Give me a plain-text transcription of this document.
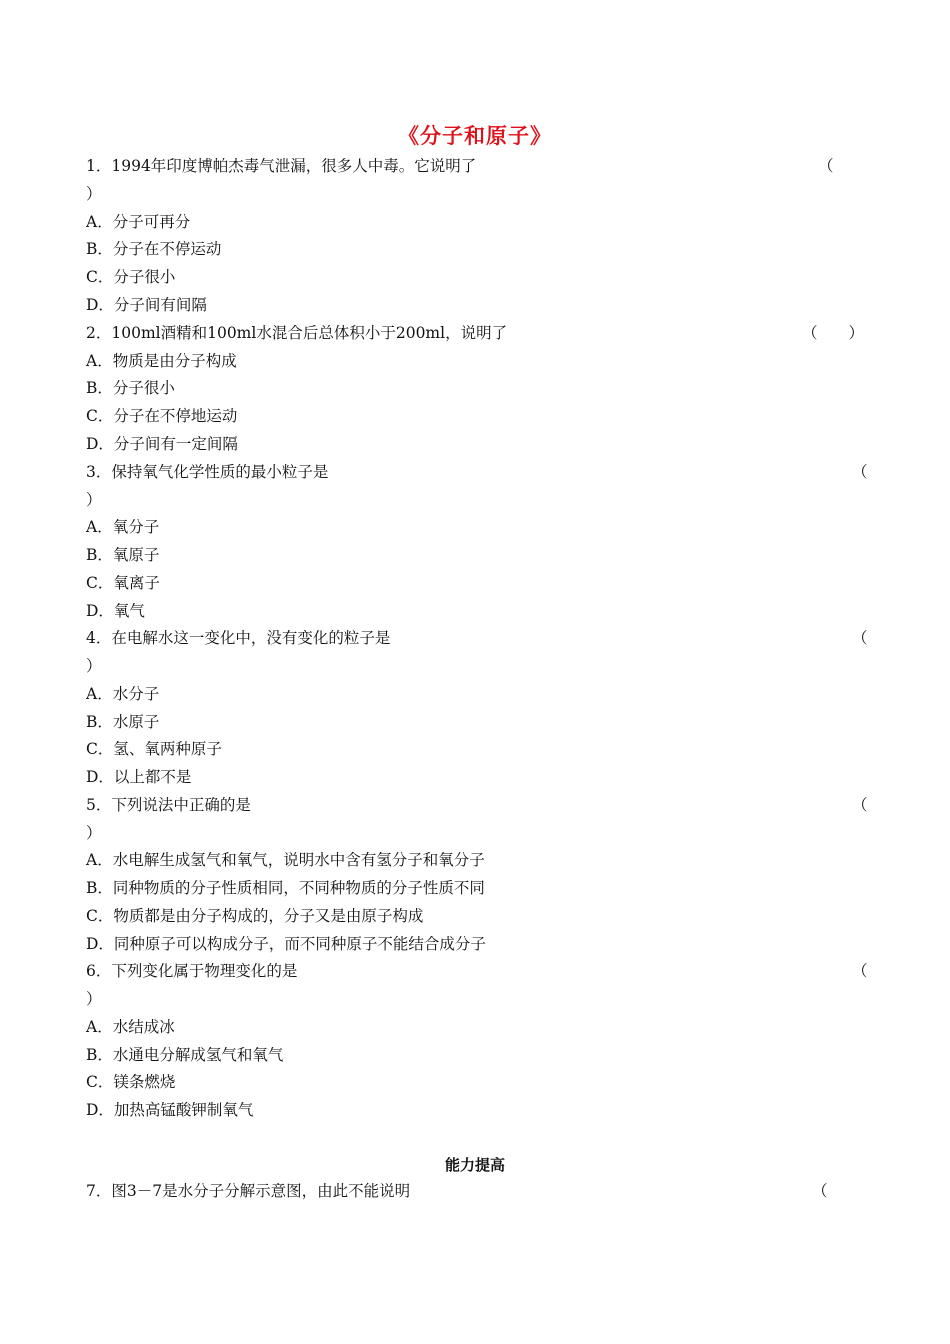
《分子和原子》
1．1994年印度博帕杰毒气泄漏，很多人中毒。它说明了	（
）
A．分子可再分
B．分子在不停运动
C．分子很小
D．分子间有间隔
2．100ml酒精和100ml水混合后总体积小于200ml，说明了	（　　）
A．物质是由分子构成
B．分子很小
C．分子在不停地运动
D．分子间有一定间隔
3．保持氧气化学性质的最小粒子是	（
）
A．氧分子
B．氧原子
C．氧离子
D．氧气
4．在电解水这一变化中，没有变化的粒子是	（
）
A．水分子
B．水原子
C．氢、氧两种原子
D．以上都不是
5．下列说法中正确的是	（
）
A．水电解生成氢气和氧气，说明水中含有氢分子和氧分子
B．同种物质的分子性质相同，不同种物质的分子性质不同
C．物质都是由分子构成的，分子又是由原子构成
D．同种原子可以构成分子，而不同种原子不能结合成分子
6．下列变化属于物理变化的是	（
）
A．水结成冰
B．水通电分解成氢气和氧气
C．镁条燃烧
D．加热高锰酸钾制氧气
能力提高
7．图3－7是水分子分解示意图，由此不能说明	（
